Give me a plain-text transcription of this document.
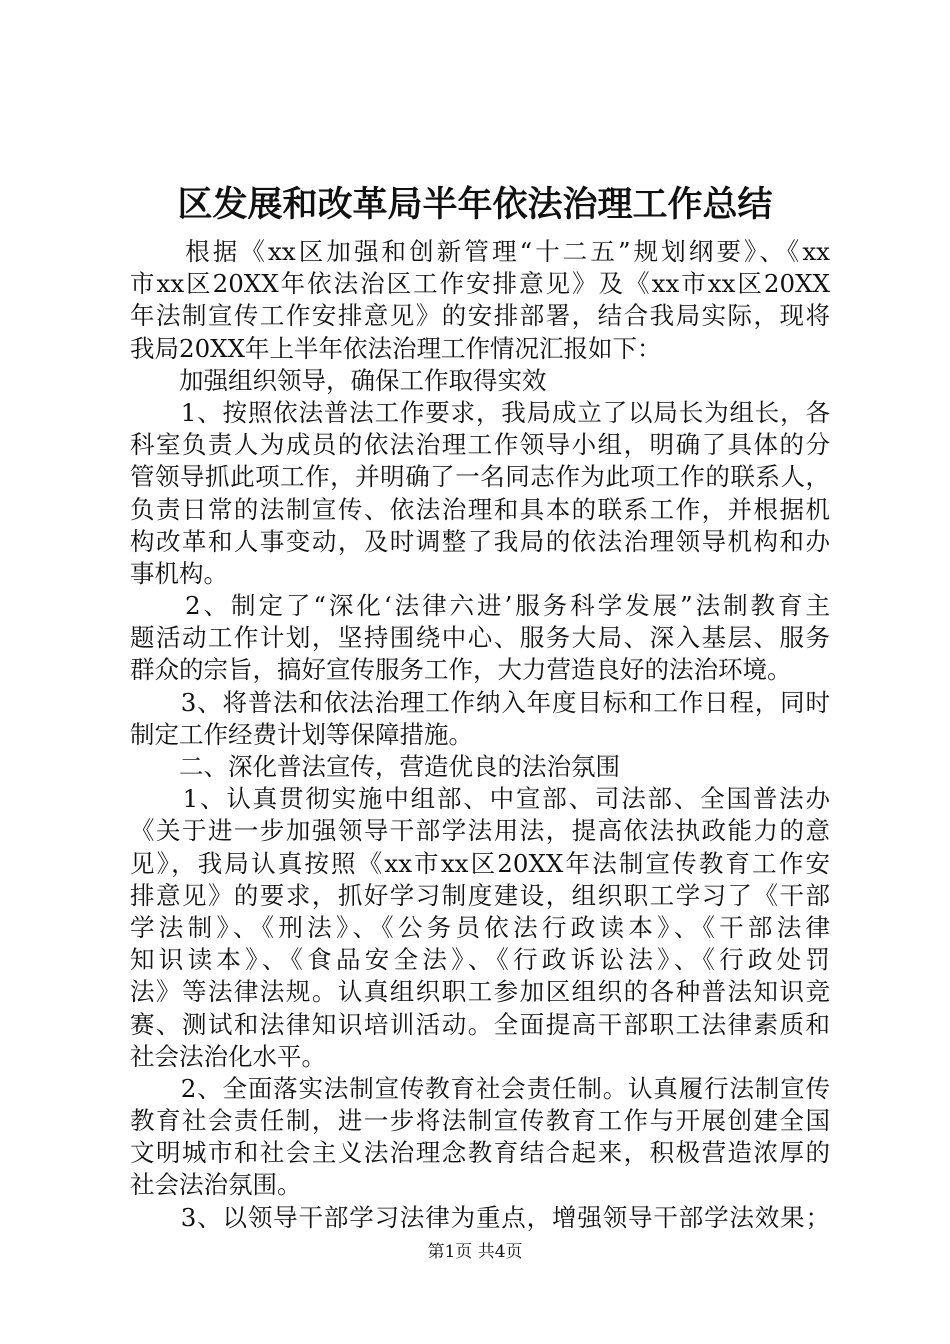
区发展和改革局半年依法治理工作总结
　　根据《xx区加强和创新管理“十二五”规划纲要》、《xx
市xx区20XX年依法治区工作安排意见》及《xx市xx区20XX
年法制宣传工作安排意见》的安排部署，结合我局实际，现将
我局20XX年上半年依法治理工作情况汇报如下：
　　加强组织领导，确保工作取得实效
　　1、按照依法普法工作要求，我局成立了以局长为组长，各
科室负责人为成员的依法治理工作领导小组，明确了具体的分
管领导抓此项工作，并明确了一名同志作为此项工作的联系人，
负责日常的法制宣传、依法治理和具本的联系工作，并根据机
构改革和人事变动，及时调整了我局的依法治理领导机构和办
事机构。
　　2、制定了“深化‘法律六进’服务科学发展”法制教育主
题活动工作计划，坚持围绕中心、服务大局、深入基层、服务
群众的宗旨，搞好宣传服务工作，大力营造良好的法治环境。
　　3、将普法和依法治理工作纳入年度目标和工作日程，同时
制定工作经费计划等保障措施。
　　二、深化普法宣传，营造优良的法治氛围
　　1、认真贯彻实施中组部、中宣部、司法部、全国普法办
《关于进一步加强领导干部学法用法，提高依法执政能力的意
见》，我局认真按照《xx市xx区20XX年法制宣传教育工作安
排意见》的要求，抓好学习制度建设，组织职工学习了《干部
学法制》、《刑法》、《公务员依法行政读本》、《干部法律
知识读本》、《食品安全法》、《行政诉讼法》、《行政处罚
法》等法律法规。认真组织职工参加区组织的各种普法知识竞
赛、测试和法律知识培训活动。全面提高干部职工法律素质和
社会法治化水平。
　　2、全面落实法制宣传教育社会责任制。认真履行法制宣传
教育社会责任制，进一步将法制宣传教育工作与开展创建全国
文明城市和社会主义法治理念教育结合起来，积极营造浓厚的
社会法治氛围。
　　3、以领导干部学习法律为重点，增强领导干部学法效果；
第1页 共4页
